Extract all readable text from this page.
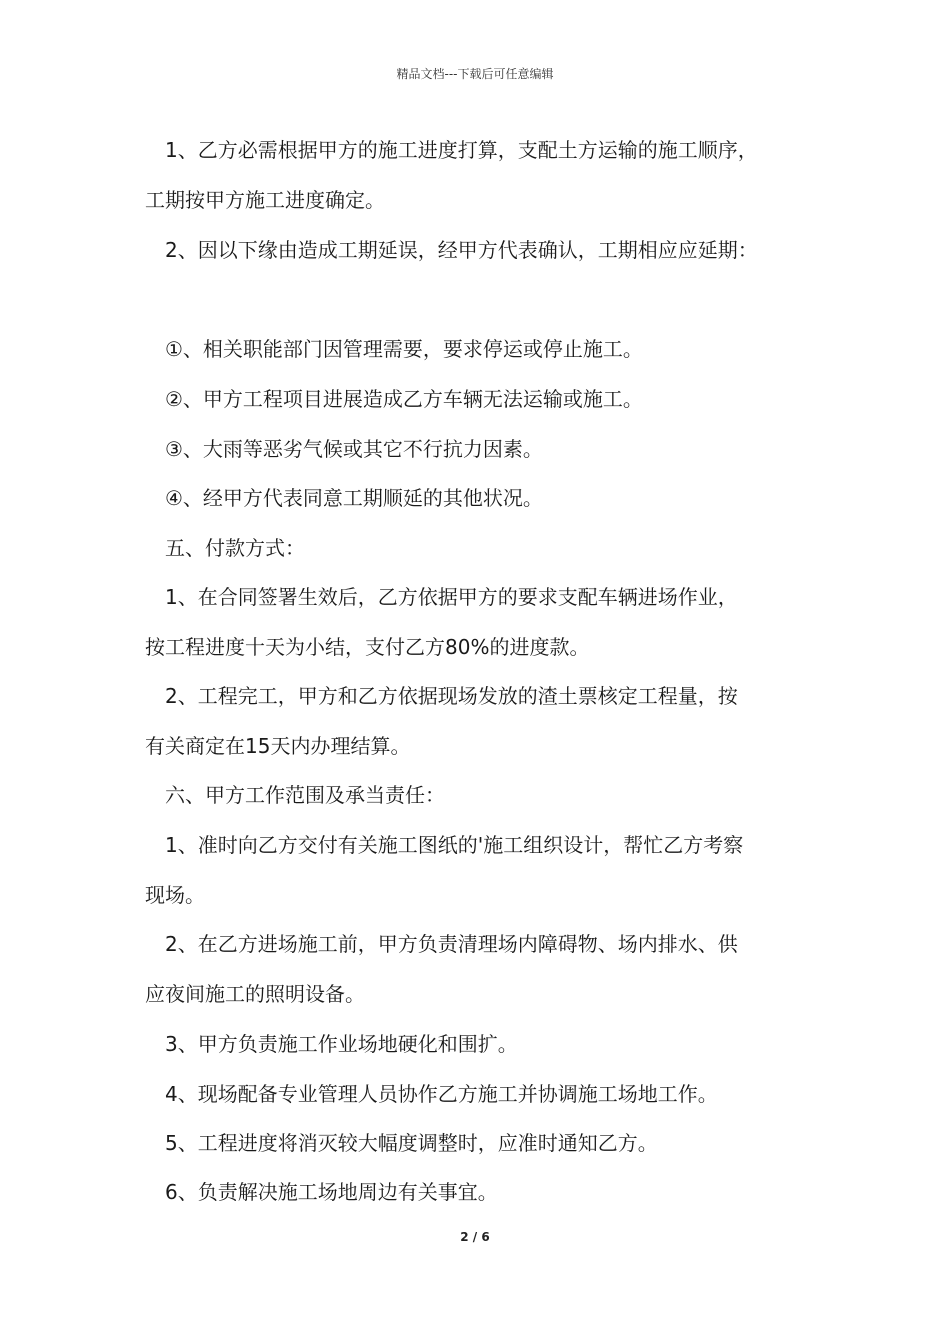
精品文档---下载后可任意编辑
1、乙方必需根据甲方的施工进度打算，支配土方运输的施工顺序，
工期按甲方施工进度确定。
2、因以下缘由造成工期延误，经甲方代表确认，工期相应应延期：
①、相关职能部门因管理需要，要求停运或停止施工。
②、甲方工程项目进展造成乙方车辆无法运输或施工。
③、大雨等恶劣气候或其它不行抗力因素。
④、经甲方代表同意工期顺延的其他状况。
五、付款方式：
1、在合同签署生效后，乙方依据甲方的要求支配车辆进场作业，
按工程进度十天为小结，支付乙方80%的进度款。
2、工程完工，甲方和乙方依据现场发放的渣土票核定工程量，按
有关商定在15天内办理结算。
六、甲方工作范围及承当责任：
1、准时向乙方交付有关施工图纸的'施工组织设计，帮忙乙方考察
现场。
2、在乙方进场施工前，甲方负责清理场内障碍物、场内排水、供
应夜间施工的照明设备。
3、甲方负责施工作业场地硬化和围扩。
4、现场配备专业管理人员协作乙方施工并协调施工场地工作。
5、工程进度将消灭较大幅度调整时，应准时通知乙方。
6、负责解决施工场地周边有关事宜。
2 / 6
